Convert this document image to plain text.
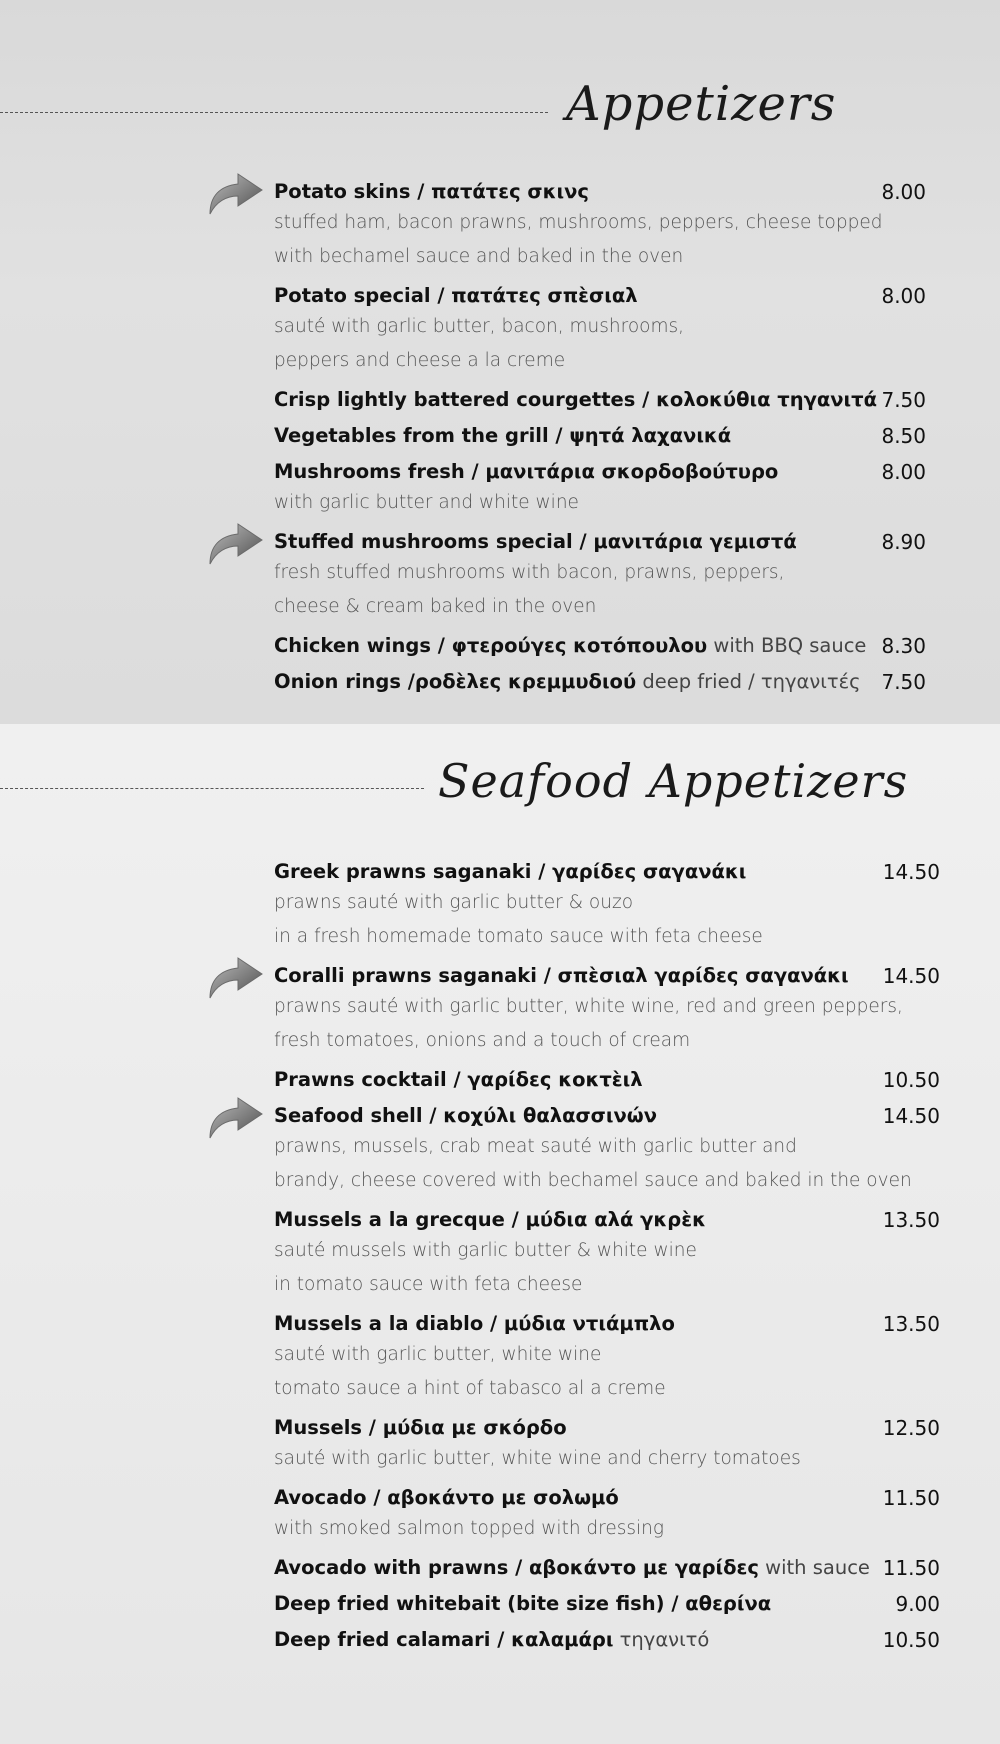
Appetizers
Potato skins / πατάτες σκινς	8.00
stuffed ham, bacon prawns, mushrooms, peppers, cheese topped
with bechamel sauce and baked in the oven
Potato special / πατάτες σπὲσιαλ	8.00
sauté with garlic butter, bacon, mushrooms,
peppers and cheese a la creme
Crisp lightly battered courgettes / κολοκύθια τηγανιτά 7.50
Vegetables from the grill / ψητά λαχανικά	8.50
Mushrooms fresh / μανιτάρια σκορδοβούτυρο	8.00
with garlic butter and white wine
Stuffed mushrooms special / μανιτάρια γεμιστά	8.90
fresh stuffed mushrooms with bacon, prawns, peppers,
cheese & cream baked in the oven
Chicken wings / φτερούγες κοτόπουλου with BBQ sauce 8.30
Onion rings /ροδὲλες κρεμμυδιού deep fried / τηγανιτές	7.50
Seafood Appetizers
Greek prawns saganaki / γαρίδες σαγανάκι	14.50
prawns sauté with garlic butter & ouzo
in a fresh homemade tomato sauce with feta cheese
Coralli prawns saganaki / σπὲσιαλ γαρίδες σαγανάκι	14.50
prawns sauté with garlic butter, white wine, red and green peppers,
fresh tomatoes, onions and a touch of cream
Prawns cocktail / γαρίδες κοκτὲιλ	10.50
Seafood shell / κοχύλι θαλασσινών	14.50
prawns, mussels, crab meat sauté with garlic butter and
brandy, cheese covered with bechamel sauce and baked in the oven
Mussels a la grecque / μύδια αλά γκρὲκ	13.50
sauté mussels with garlic butter & white wine
in tomato sauce with feta cheese
Mussels a la diablo / μύδια ντιάμπλο	13.50
sauté with garlic butter, white wine
tomato sauce a hint of tabasco al a creme
Mussels / μύδια με σκόρδο	12.50
sauté with garlic butter, white wine and cherry tomatoes
Avocado / αβοκάντο με σολωμό	11.50
with smoked salmon topped with dressing
Avocado with prawns / αβοκάντο με γαρίδες with sauce 11.50
Deep fried whitebait (bite size fish) / αθερίνα	9.00
Deep fried calamari / καλαμάρι τηγανιτό	10.50
